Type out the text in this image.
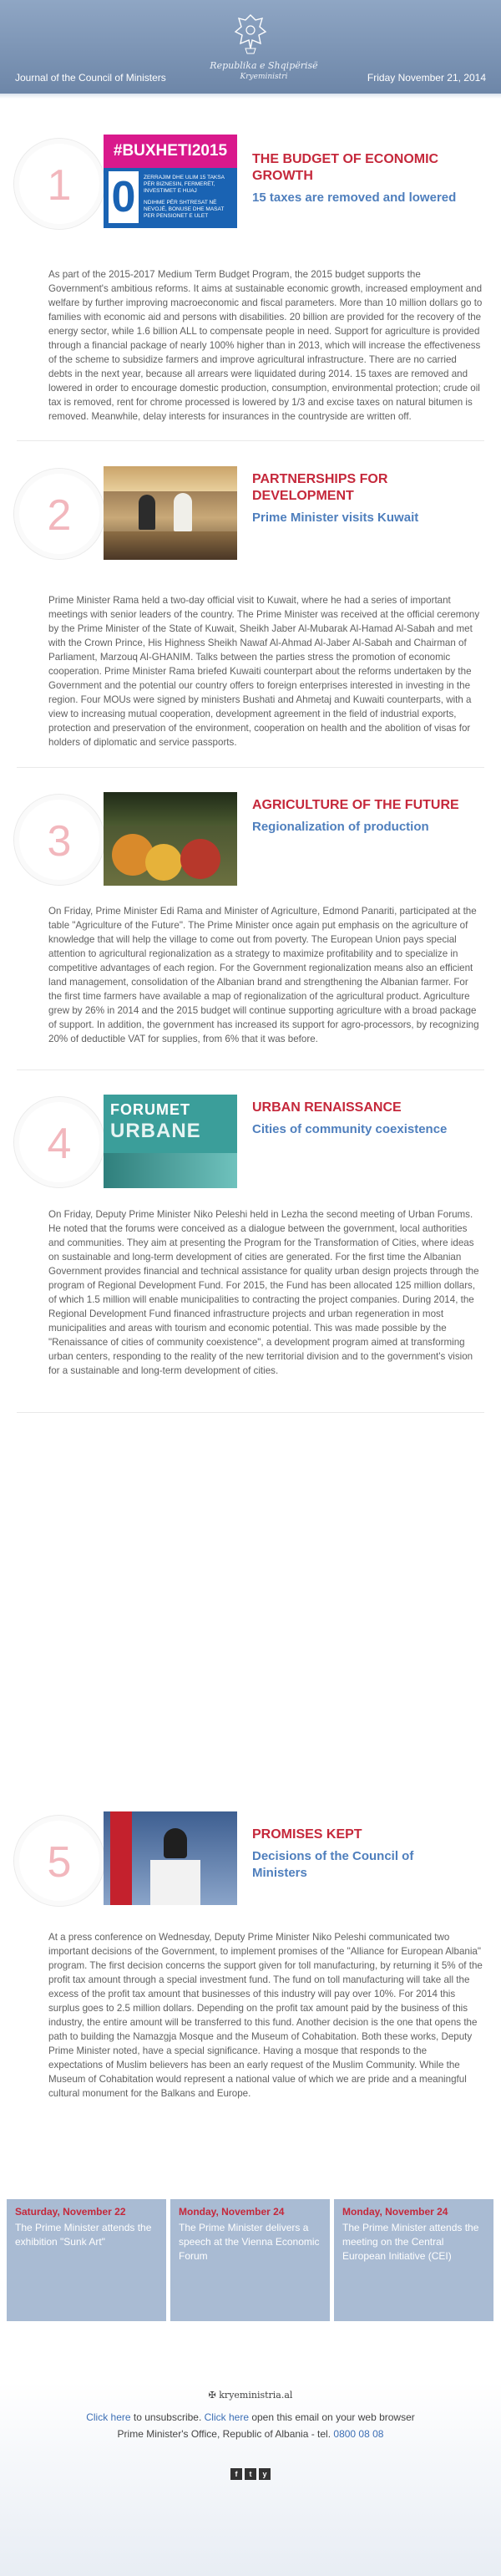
Republika e Shqipërisë
Kryeministri
Journal of the Council of Ministers	Friday November 21, 2014
1
#BUXHETI2015
0	ZERRAJIM DHE ULIM 15 TAKSA PËR BIZNESIN, FERMERËT, INVESTIMET E HUAJ
NDIHME PËR SHTRESAT NË NEVOJË, BONUSE DHE MASAT PER PENSIONET E ULET
THE BUDGET OF ECONOMIC GROWTH
15 taxes are removed and lowered

As part of the 2015-2017 Medium Term Budget Program, the 2015 budget supports the Government's ambitious reforms. It aims at sustainable economic growth, increased employment and welfare by further improving macroeconomic and fiscal parameters. More than 10 million dollars go to families with economic aid and persons with disabilities. 20 billion are provided for the recovery of the energy sector, while 1.6 billion ALL to compensate people in need. Support for agriculture is provided through a financial package of nearly 100% higher than in 2013, which will increase the effectiveness of the scheme to subsidize farmers and improve agricultural infrastructure. There are no carried debts in the next year, because all arrears were liquidated during 2014. 15 taxes are removed and lowered in order to encourage domestic production, consumption, environmental protection; crude oil tax is removed, rent for chrome processed is lowered by 1/3 and excise taxes on natural bitumen is removed. Meanwhile, delay interests for insurances in the countryside are written off.

2
PARTNERSHIPS FOR DEVELOPMENT
Prime Minister visits Kuwait

Prime Minister Rama held a two-day official visit to Kuwait, where he had a series of important meetings with senior leaders of the country. The Prime Minister was received at the official ceremony by the Prime Minister of the State of Kuwait, Sheikh Jaber Al-Mubarak Al-Hamad Al-Sabah and met with the Crown Prince, His Highness Sheikh Nawaf Al-Ahmad Al-Jaber Al-Sabah and Chairman of Parliament, Marzouq Al-GHANIM. Talks between the parties stress the promotion of economic cooperation. Prime Minister Rama briefed Kuwaiti counterpart about the reforms undertaken by the Government and the potential our country offers to foreign enterprises interested in investing in the region. Four MOUs were signed by ministers Bushati and Ahmetaj and Kuwaiti counterparts, with a view to increasing mutual cooperation, development agreement in the field of industrial exports, protection and preservation of the environment, cooperation on health and the abolition of visas for holders of diplomatic and service passports.

3
AGRICULTURE OF THE FUTURE
Regionalization of production

On Friday, Prime Minister Edi Rama and Minister of Agriculture, Edmond Panariti, participated at the table "Agriculture of the Future". The Prime Minister once again put emphasis on the agriculture of knowledge that will help the village to come out from poverty. The European Union pays special attention to agricultural regionalization as a strategy to maximize profitability and to specialize in competitive advantages of each region. For the Government regionalization means also an efficient land management, consolidation of the Albanian brand and strengthening the Albanian farmer. For the first time farmers have available a map of regionalization of the agricultural product. Agriculture grew by 26% in 2014 and the 2015 budget will continue supporting agriculture with a broad package of support. In addition, the government has increased its support for agro-processors, by recognizing 20% of deductible VAT for supplies, from 6% that it was before.

4
FORUMET
URBANE
URBAN RENAISSANCE
Cities of community coexistence

On Friday, Deputy Prime Minister Niko Peleshi held in Lezha the second meeting of Urban Forums. He noted that the forums were conceived as a dialogue between the government, local authorities and communities. They aim at presenting the Program for the Transformation of Cities, where ideas on sustainable and long-term development of cities are generated. For the first time the Albanian Government provides financial and technical assistance for quality urban design projects through the program of Regional Development Fund. For 2015, the Fund has been allocated 125 million dollars, of which 1.5 million will enable municipalities to contracting the project companies. During 2014, the Regional Development Fund financed infrastructure projects and urban regeneration in most municipalities and areas with tourism and economic potential. This was made possible by the "Renaissance of cities of community coexistence", a development program aimed at transforming urban centers, responding to the reality of the new territorial division and to the government's vision for a sustainable and long-term development of cities.

5
PROMISES KEPT
Decisions of the Council of Ministers

At a press conference on Wednesday, Deputy Prime Minister Niko Peleshi communicated two important decisions of the Government, to implement promises of the "Alliance for European Albania" program. The first decision concerns the support given for toll manufacturing, by returning it 5% of the profit tax amount through a special investment fund. The fund on toll manufacturing will take all the excess of the profit tax amount that businesses of this industry will pay over 10%. For 2014 this surplus goes to 2.5 million dollars. Depending on the profit tax amount paid by the business of this industry, the entire amount will be transferred to this fund. Another decision is the one that opens the path to building the Namazgja Mosque and the Museum of Cohabitation. Both these works, Deputy Prime Minister noted, have a special significance. Having a mosque that responds to the expectations of Muslim believers has been an early request of the Muslim Community. While the Museum of Cohabitation would represent a national value of which we are pride and a meaningful cultural monument for the Balkans and Europe.

Saturday, November 22
The Prime Minister attends the exhibition "Sunk Art"
Monday, November 24
The Prime Minister delivers a speech at the Vienna Economic Forum
Monday, November 24
The Prime Minister attends the meeting on the Central European Initiative (CEI)
✠ kryeministria.al
Click here to unsubscribe. Click here open this email on your web browser
Prime Minister's Office, Republic of Albania - tel. 0800 08 08
f	t	y
